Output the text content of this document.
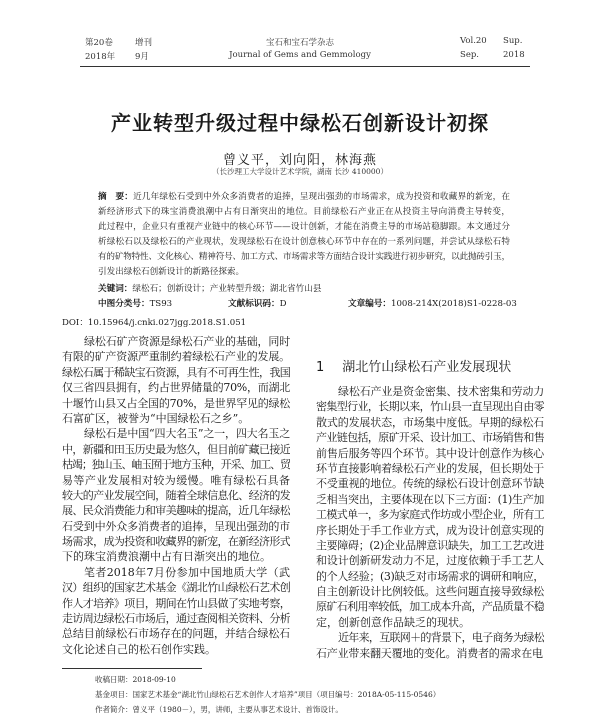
第20卷	增刊	宝石和宝石学杂志	Vol.20 Sup.
2018年 9月	Journal of Gems and Gemmology	Sep.	2018
产业转型升级过程中绿松石创新设计初探
曾义平，刘向阳，林海燕
（长沙理工大学设计艺术学院，湖南 长沙 410000）
摘　要：近几年绿松石受到中外众多消费者的追捧，呈现出强劲的市场需求，成为投资和收藏界的新宠，在
新经济形式下的珠宝消费浪潮中占有日渐突出的地位。目前绿松石产业正在从投资主导向消费主导转变，
此过程中，企业只有重视产业链中的核心环节——设计创新，才能在消费主导的市场站稳脚跟。本文通过分
析绿松石以及绿松石的产业现状，发现绿松石在设计创意核心环节中存在的一系列问题，并尝试从绿松石特
有的矿物特性、文化核心、精神符号、加工方式、市场需求等方面结合设计实践进行初步研究，以此抛砖引玉，
引发出绿松石创新设计的新路径探索。
关键词：绿松石；创新设计；产业转型升级；湖北省竹山县
中图分类号：TS93	文献标识码：D	文章编号：1008-214X(2018)S1-0228-03
DOI：10.15964/j.cnki.027jgg.2018.S1.051
绿松石矿产资源是绿松石产业的基础，同时
有限的矿产资源严重制约着绿松石产业的发展。
绿松石属于稀缺宝石资源，具有不可再生性，我国
仅三省四县拥有，约占世界储量的70%，而湖北
十堰竹山县又占全国的70%，是世界罕见的绿松
石富矿区，被誉为“中国绿松石之乡”。
绿松石是中国“四大名玉”之一，四大名玉之
中，新疆和田玉历史最为悠久，但目前矿藏已接近
枯竭；独山玉、岫玉囿于地方玉种，开采、加工、贸
易等产业发展相对较为缓慢。唯有绿松石具备
较大的产业发展空间，随着全球信息化、经济的发
展、民众消费能力和审美趣味的提高，近几年绿松
石受到中外众多消费者的追捧，呈现出强劲的市
场需求，成为投资和收藏界的新宠，在新经济形式
下的珠宝消费浪潮中占有日渐突出的地位。
笔者2018年7月份参加中国地质大学（武
汉）组织的国家艺术基金《湖北竹山绿松石艺术创
作人才培养》项目，期间在竹山县做了实地考察，
走访周边绿松石市场后，通过查阅相关资料、分析
总结目前绿松石市场存在的问题，并结合绿松石
文化论述自己的松石创作实践。
1 湖北竹山绿松石产业发展现状
绿松石产业是资金密集、技术密集和劳动力
密集型行业，长期以来，竹山县一直呈现出自由零
散式的发展状态，市场集中度低。早期的绿松石
产业链包括，原矿开采、设计加工、市场销售和售
前售后服务等四个环节。其中设计创意作为核心
环节直接影响着绿松石产业的发展，但长期处于
不受重视的地位。传统的绿松石设计创意环节缺
乏相当突出，主要体现在以下三方面：(1)生产加
工模式单一，多为家庭式作坊或小型企业，所有工
序长期处于手工作业方式，成为设计创意实现的
主要障碍；(2)企业品牌意识缺失，加工工艺改进
和设计创新研发动力不足，过度依赖于手工艺人
的个人经验；(3)缺乏对市场需求的调研和响应，
自主创新设计比例较低。这些问题直接导致绿松
原矿石利用率较低，加工成本升高，产品质量不稳
定，创新创意作品缺乏的现状。
近年来，互联网＋的背景下，电子商务为绿松
石产业带来翻天覆地的变化。消费者的需求在电
收稿日期：2018-09-10
基金项目：国家艺术基金“湖北竹山绿松石艺术创作人才培养”项目（项目编号：2018A-05-115-0546）
作者简介：曾义平（1980－），男，讲师，主要从事艺术设计、首饰设计。
